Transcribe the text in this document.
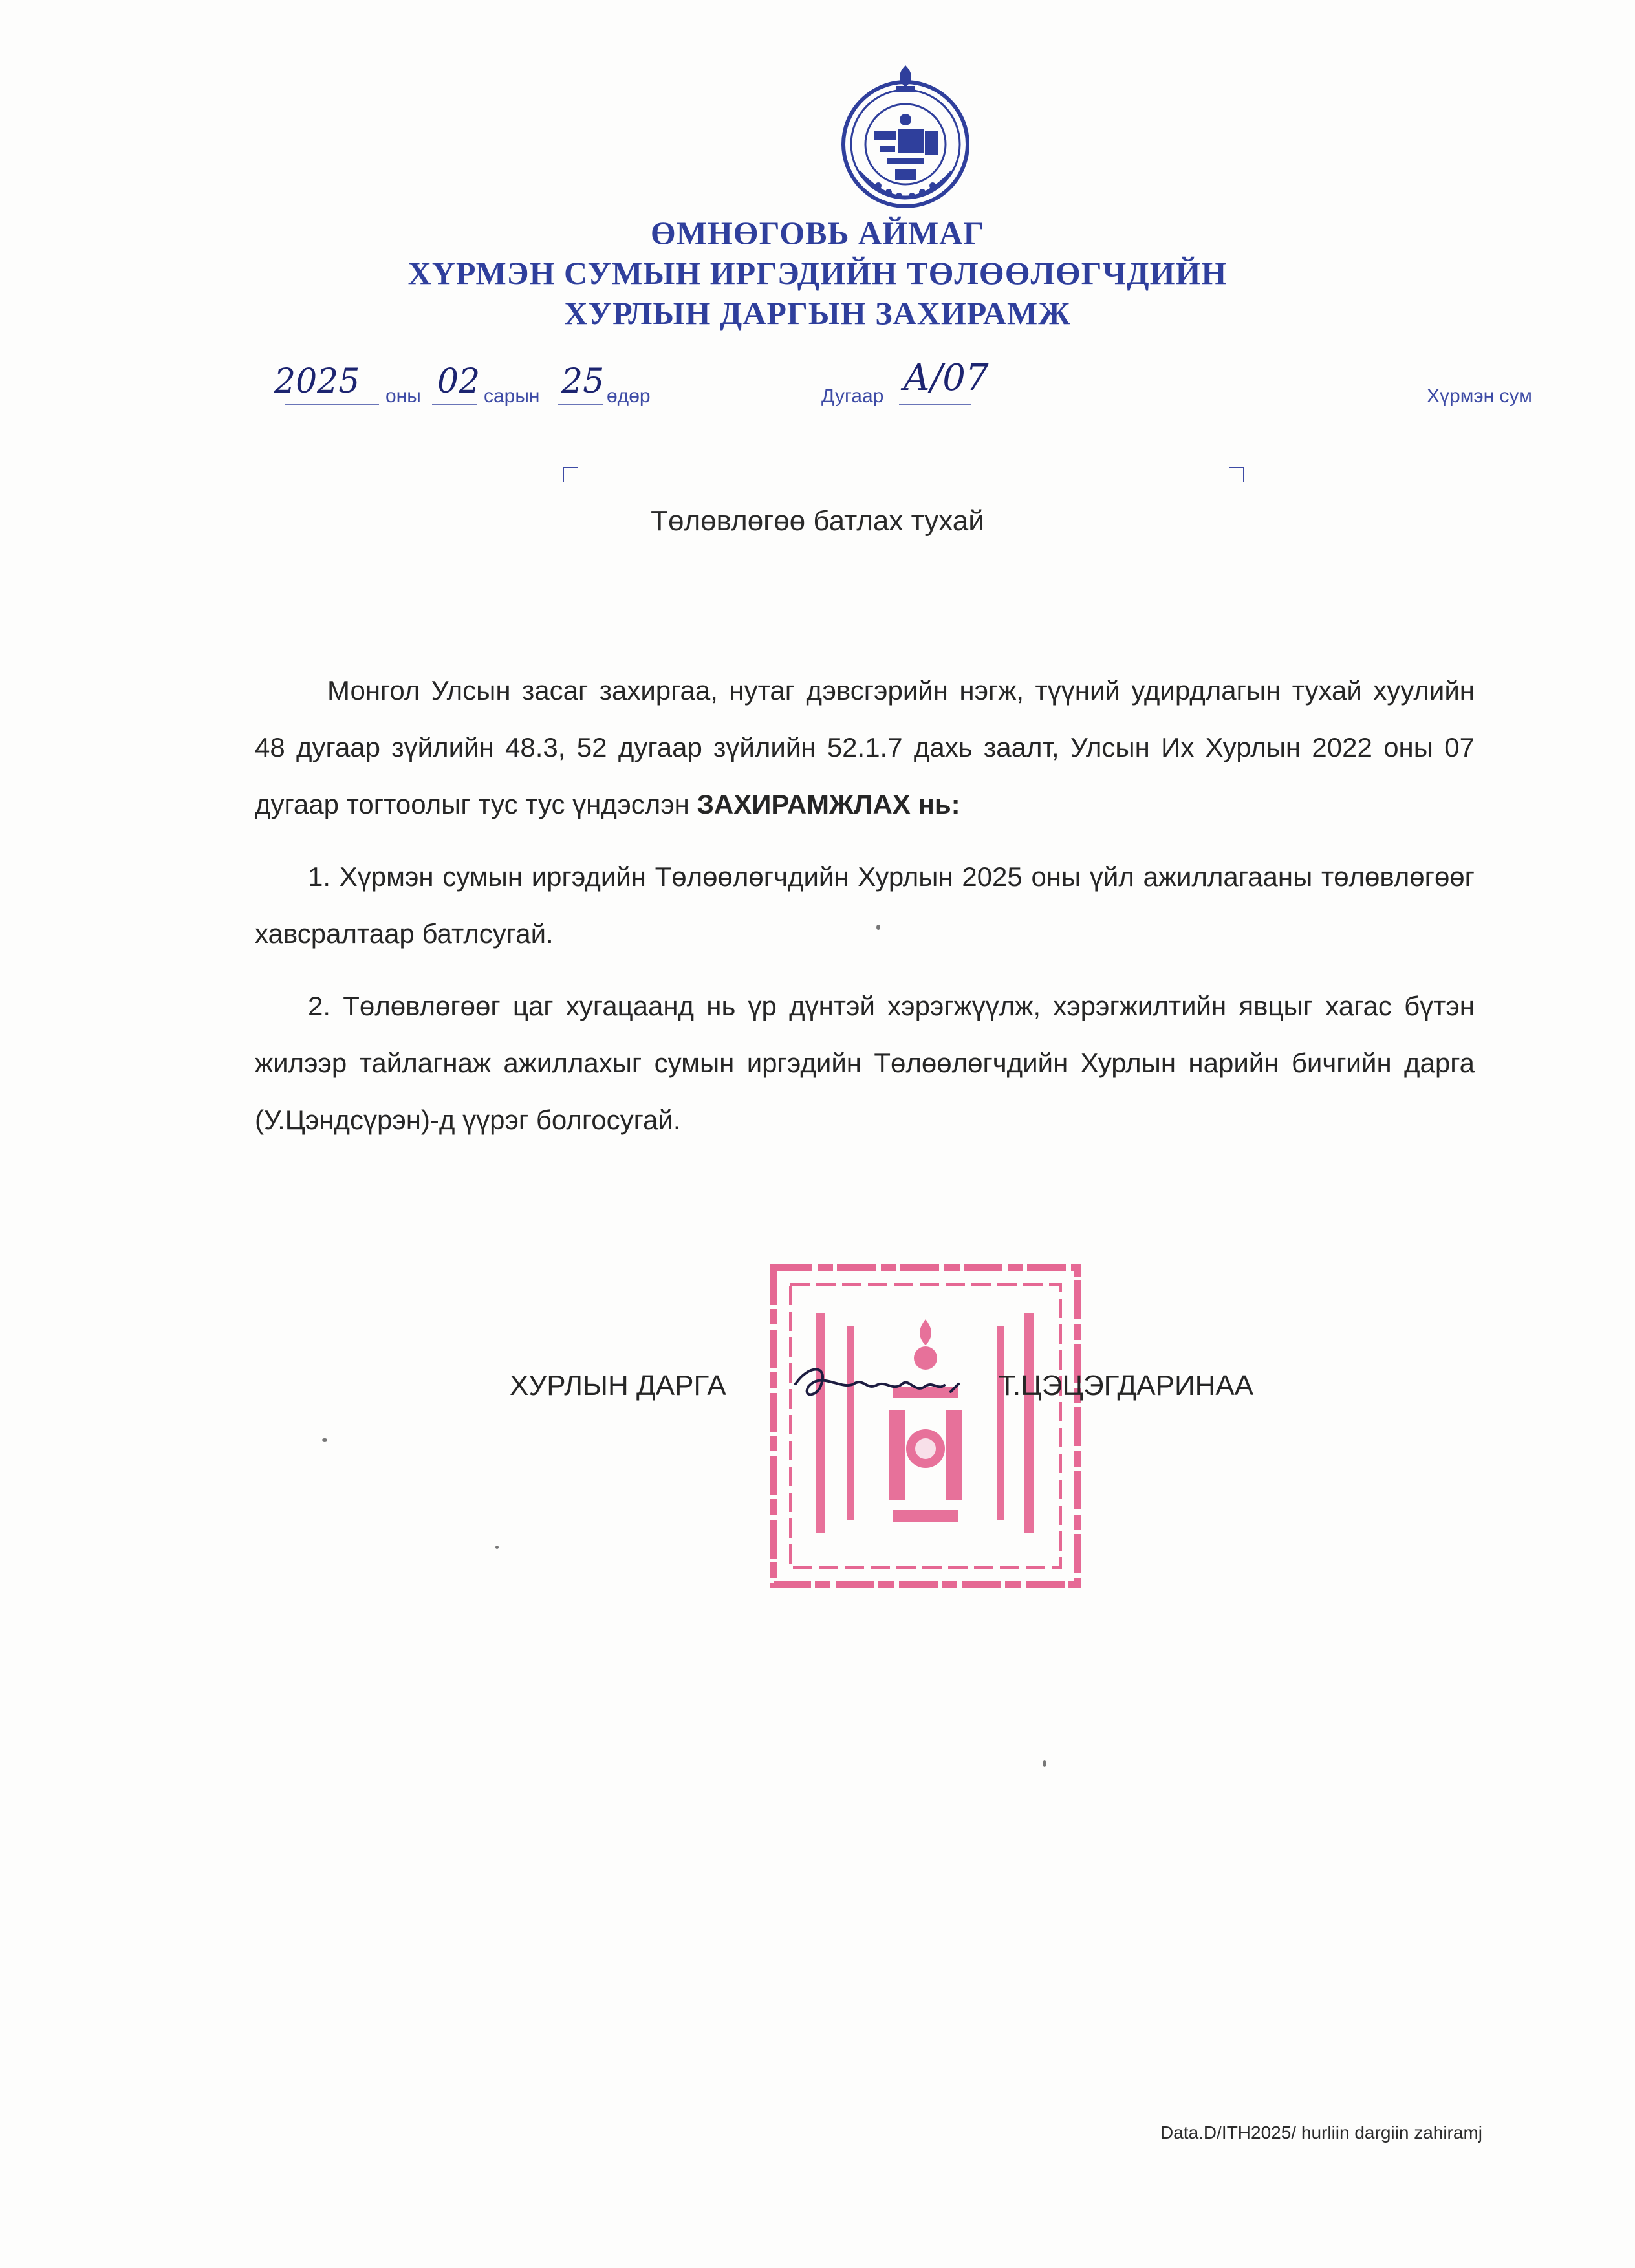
ӨМНӨГОВЬ АЙМАГ
ХҮРМЭН СУМЫН ИРГЭДИЙН ТӨЛӨӨЛӨГЧДИЙН
ХУРЛЫН ДАРГЫН ЗАХИРАМЖ
2025 оны 02 сарын 25 өдөр	Дугаар А/07	Хүрмэн сум
Төлөвлөгөө батлах тухай

Монгол Улсын засаг захиргаа, нутаг дэвсгэрийн нэгж, түүний удирдлагын тухай хуулийн 48 дугаар зүйлийн 48.3, 52 дугаар зүйлийн 52.1.7 дахь заалт, Улсын Их Хурлын 2022 оны 07 дугаар тогтоолыг тус тус үндэслэн ЗАХИРАМЖЛАХ нь:

1. Хүрмэн сумын иргэдийн Төлөөлөгчдийн Хурлын 2025 оны үйл ажиллагааны төлөвлөгөөг хавсралтаар батлсугай.

2. Төлөвлөгөөг цаг хугацаанд нь үр дүнтэй хэрэгжүүлж, хэрэгжилтийн явцыг хагас бүтэн жилээр тайлагнаж ажиллахыг сумын иргэдийн Төлөөлөгчдийн Хурлын нарийн бичгийн дарга (У.Цэндсүрэн)-д үүрэг болгосугай.

ХУРЛЫН ДАРГА	Т.ЦЭЦЭГДАРИНАА
Data.D/ITH2025/ hurliin dargiin zahiramj
